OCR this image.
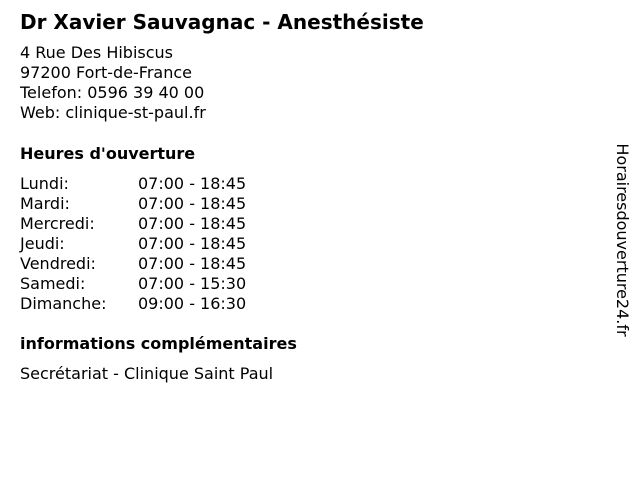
Dr Xavier Sauvagnac - Anesthésiste
4 Rue Des Hibiscus
97200 Fort-de-France
Telefon: 0596 39 40 00
Web: clinique-st-paul.fr
Heures d'ouverture
Lundi:	07:00 - 18:45
Mardi:	07:00 - 18:45
Mercredi:	07:00 - 18:45
Jeudi:	07:00 - 18:45
Vendredi:	07:00 - 18:45
Samedi:	07:00 - 15:30
Dimanche:	09:00 - 16:30
informations complémentaires
Secrétariat - Clinique Saint Paul
Horairesdouverture24.fr
